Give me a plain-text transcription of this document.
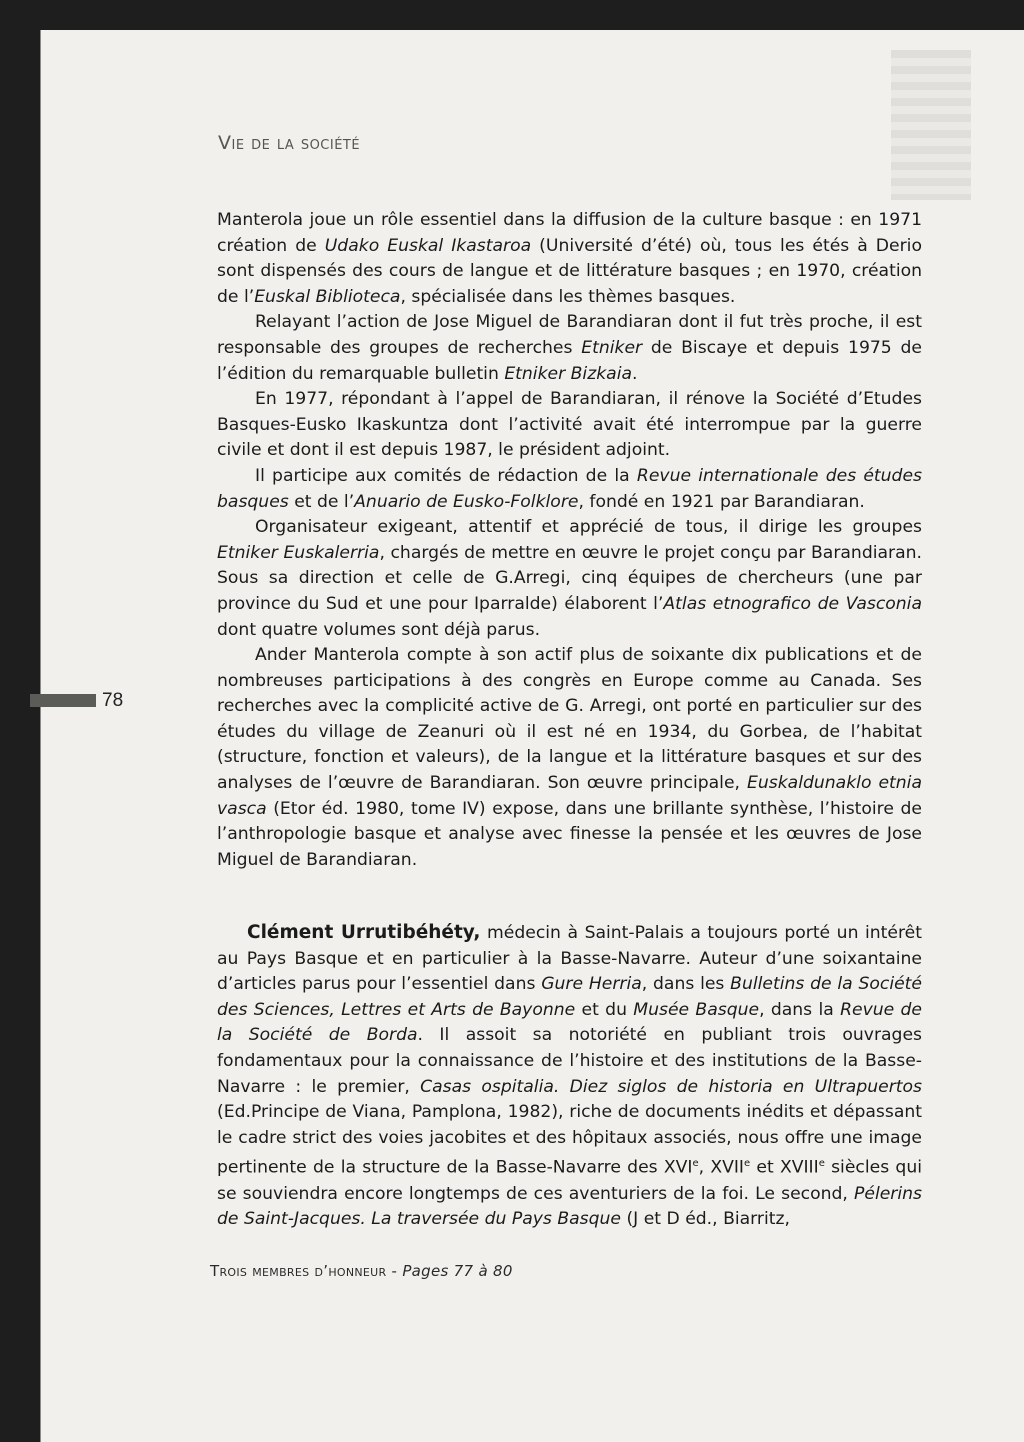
Vie de la société
78

Manterola joue un rôle essentiel dans la diffusion de la culture basque : en 1971 création de Udako Euskal Ikastaroa (Université d’été) où, tous les étés à Derio sont dispensés des cours de langue et de littérature basques ; en 1970, création de l’Euskal Biblioteca, spécialisée dans les thèmes basques.

Relayant l’action de Jose Miguel de Barandiaran dont il fut très proche, il est responsable des groupes de recherches Etniker de Biscaye et depuis 1975 de l’édition du remarquable bulletin Etniker Bizkaia.

En 1977, répondant à l’appel de Barandiaran, il rénove la Société d’Etudes Basques-Eusko Ikaskuntza dont l’activité avait été interrompue par la guerre civile et dont il est depuis 1987, le président adjoint.

Il participe aux comités de rédaction de la Revue internationale des études basques et de l’Anuario de Eusko-Folklore, fondé en 1921 par Barandiaran.

Organisateur exigeant, attentif et apprécié de tous, il dirige les groupes Etniker Euskalerria, chargés de mettre en œuvre le projet conçu par Barandiaran. Sous sa direction et celle de G.Arregi, cinq équipes de chercheurs (une par province du Sud et une pour Iparralde) élaborent l’Atlas etnografico de Vasconia dont quatre volumes sont déjà parus.

Ander Manterola compte à son actif plus de soixante dix publications et de nombreuses participations à des congrès en Europe comme au Canada. Ses recherches avec la complicité active de G. Arregi, ont porté en particulier sur des études du village de Zeanuri où il est né en 1934, du Gorbea, de l’habitat (structure, fonction et valeurs), de la langue et la littérature basques et sur des analyses de l’œuvre de Barandiaran. Son œuvre principale, Euskaldunaklo etnia vasca (Etor éd. 1980, tome IV) expose, dans une brillante synthèse, l’histoire de l’anthropologie basque et analyse avec finesse la pensée et les œuvres de Jose Miguel de Barandiaran.

Clément Urrutibéhéty, médecin à Saint-Palais a toujours porté un intérêt au Pays Basque et en particulier à la Basse-Navarre. Auteur d’une soixantaine d’articles parus pour l’essentiel dans Gure Herria, dans les Bulletins de la Société des Sciences, Lettres et Arts de Bayonne et du Musée Basque, dans la Revue de la Société de Borda. Il assoit sa notoriété en publiant trois ouvrages fondamentaux pour la connaissance de l’histoire et des institutions de la Basse-Navarre : le premier, Casas ospitalia. Diez siglos de historia en Ultrapuertos (Ed.Principe de Viana, Pamplona, 1982), riche de documents inédits et dépassant le cadre strict des voies jacobites et des hôpitaux associés, nous offre une image pertinente de la structure de la Basse-Navarre des XVIe, XVIIe et XVIIIe siècles qui se souviendra encore longtemps de ces aventuriers de la foi. Le second, Pélerins de Saint-Jacques. La traversée du Pays Basque (J et D éd., Biarritz,

Trois membres d’honneur - Pages 77 à 80
